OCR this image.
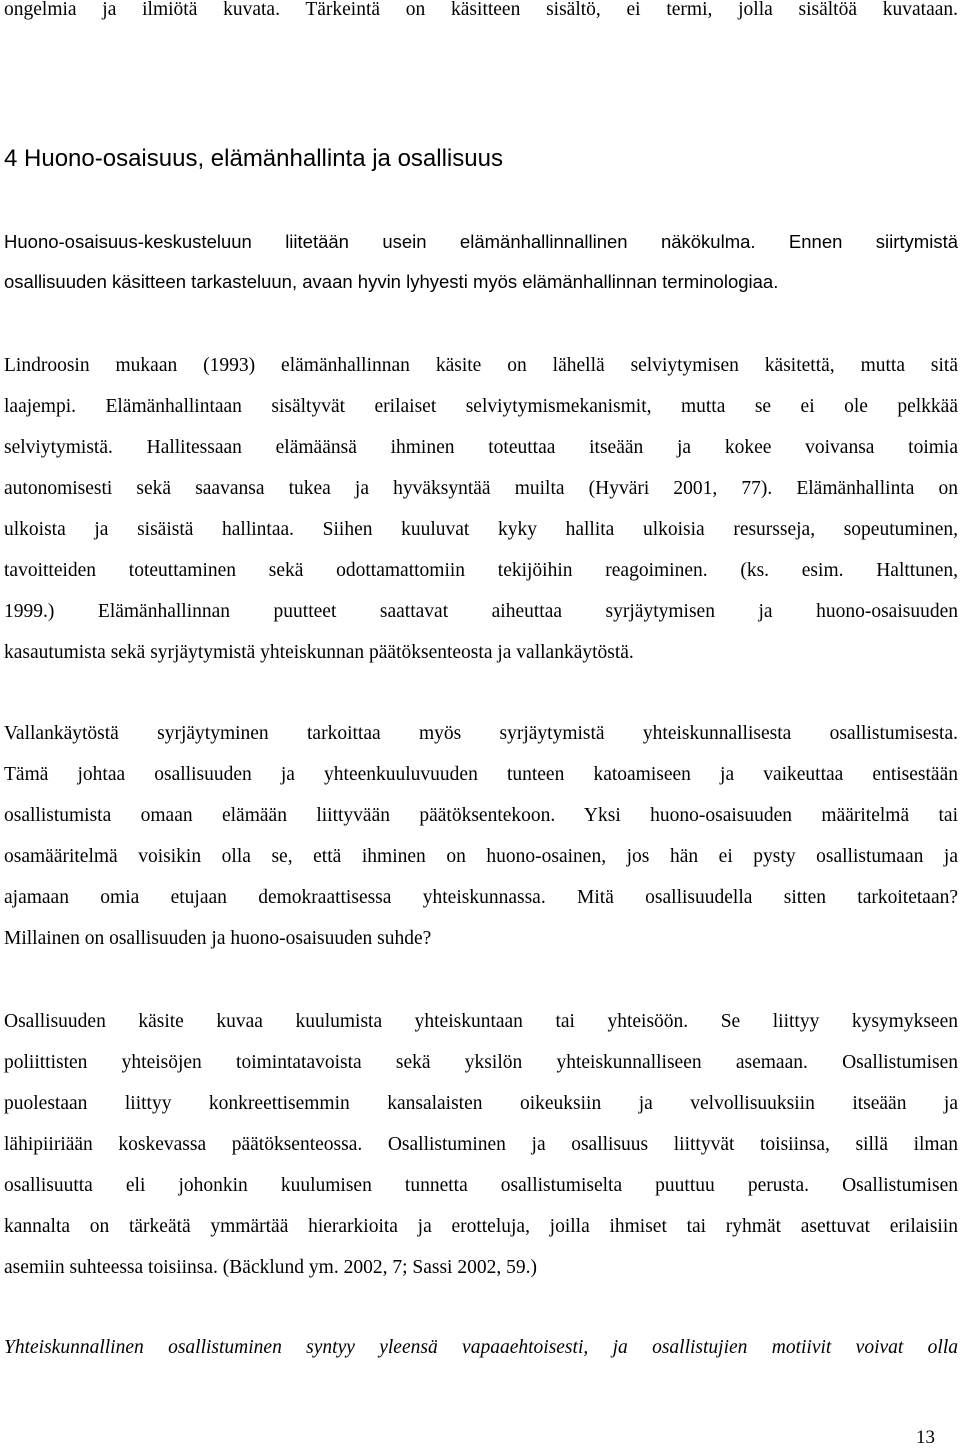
ongelmia ja ilmiötä kuvata. Tärkeintä on käsitteen sisältö, ei termi, jolla sisältöä kuvataan.
4 Huono-osaisuus, elämänhallinta ja osallisuus
Huono-osaisuus-keskusteluun liitetään usein elämänhallinnallinen näkökulma. Ennen siirtymistä
osallisuuden käsitteen tarkasteluun, avaan hyvin lyhyesti myös elämänhallinnan terminologiaa.
Lindroosin mukaan (1993) elämänhallinnan käsite on lähellä selviytymisen käsitettä, mutta sitä
laajempi. Elämänhallintaan sisältyvät erilaiset selviytymismekanismit, mutta se ei ole pelkkää
selviytymistä. Hallitessaan elämäänsä ihminen toteuttaa itseään ja kokee voivansa toimia
autonomisesti sekä saavansa tukea ja hyväksyntää muilta (Hyväri 2001, 77). Elämänhallinta on
ulkoista ja sisäistä hallintaa. Siihen kuuluvat kyky hallita ulkoisia resursseja, sopeutuminen,
tavoitteiden toteuttaminen sekä odottamattomiin tekijöihin reagoiminen. (ks. esim. Halttunen,
1999.) Elämänhallinnan puutteet saattavat aiheuttaa syrjäytymisen ja huono-osaisuuden
kasautumista sekä syrjäytymistä yhteiskunnan päätöksenteosta ja vallankäytöstä.
Vallankäytöstä syrjäytyminen tarkoittaa myös syrjäytymistä yhteiskunnallisesta osallistumisesta.
Tämä johtaa osallisuuden ja yhteenkuuluvuuden tunteen katoamiseen ja vaikeuttaa entisestään
osallistumista omaan elämään liittyvään päätöksentekoon. Yksi huono-osaisuuden määritelmä tai
osamääritelmä voisikin olla se, että ihminen on huono-osainen, jos hän ei pysty osallistumaan ja
ajamaan omia etujaan demokraattisessa yhteiskunnassa. Mitä osallisuudella sitten tarkoitetaan?
Millainen on osallisuuden ja huono-osaisuuden suhde?
Osallisuuden käsite kuvaa kuulumista yhteiskuntaan tai yhteisöön. Se liittyy kysymykseen
poliittisten yhteisöjen toimintatavoista sekä yksilön yhteiskunnalliseen asemaan. Osallistumisen
puolestaan liittyy konkreettisemmin kansalaisten oikeuksiin ja velvollisuuksiin itseään ja
lähipiiriään koskevassa päätöksenteossa. Osallistuminen ja osallisuus liittyvät toisiinsa, sillä ilman
osallisuutta eli johonkin kuulumisen tunnetta osallistumiselta puuttuu perusta. Osallistumisen
kannalta on tärkeätä ymmärtää hierarkioita ja erotteluja, joilla ihmiset tai ryhmät asettuvat erilaisiin
asemiin suhteessa toisiinsa. (Bäcklund ym. 2002, 7; Sassi 2002, 59.)
Yhteiskunnallinen osallistuminen syntyy yleensä vapaaehtoisesti, ja osallistujien motiivit voivat olla
13
